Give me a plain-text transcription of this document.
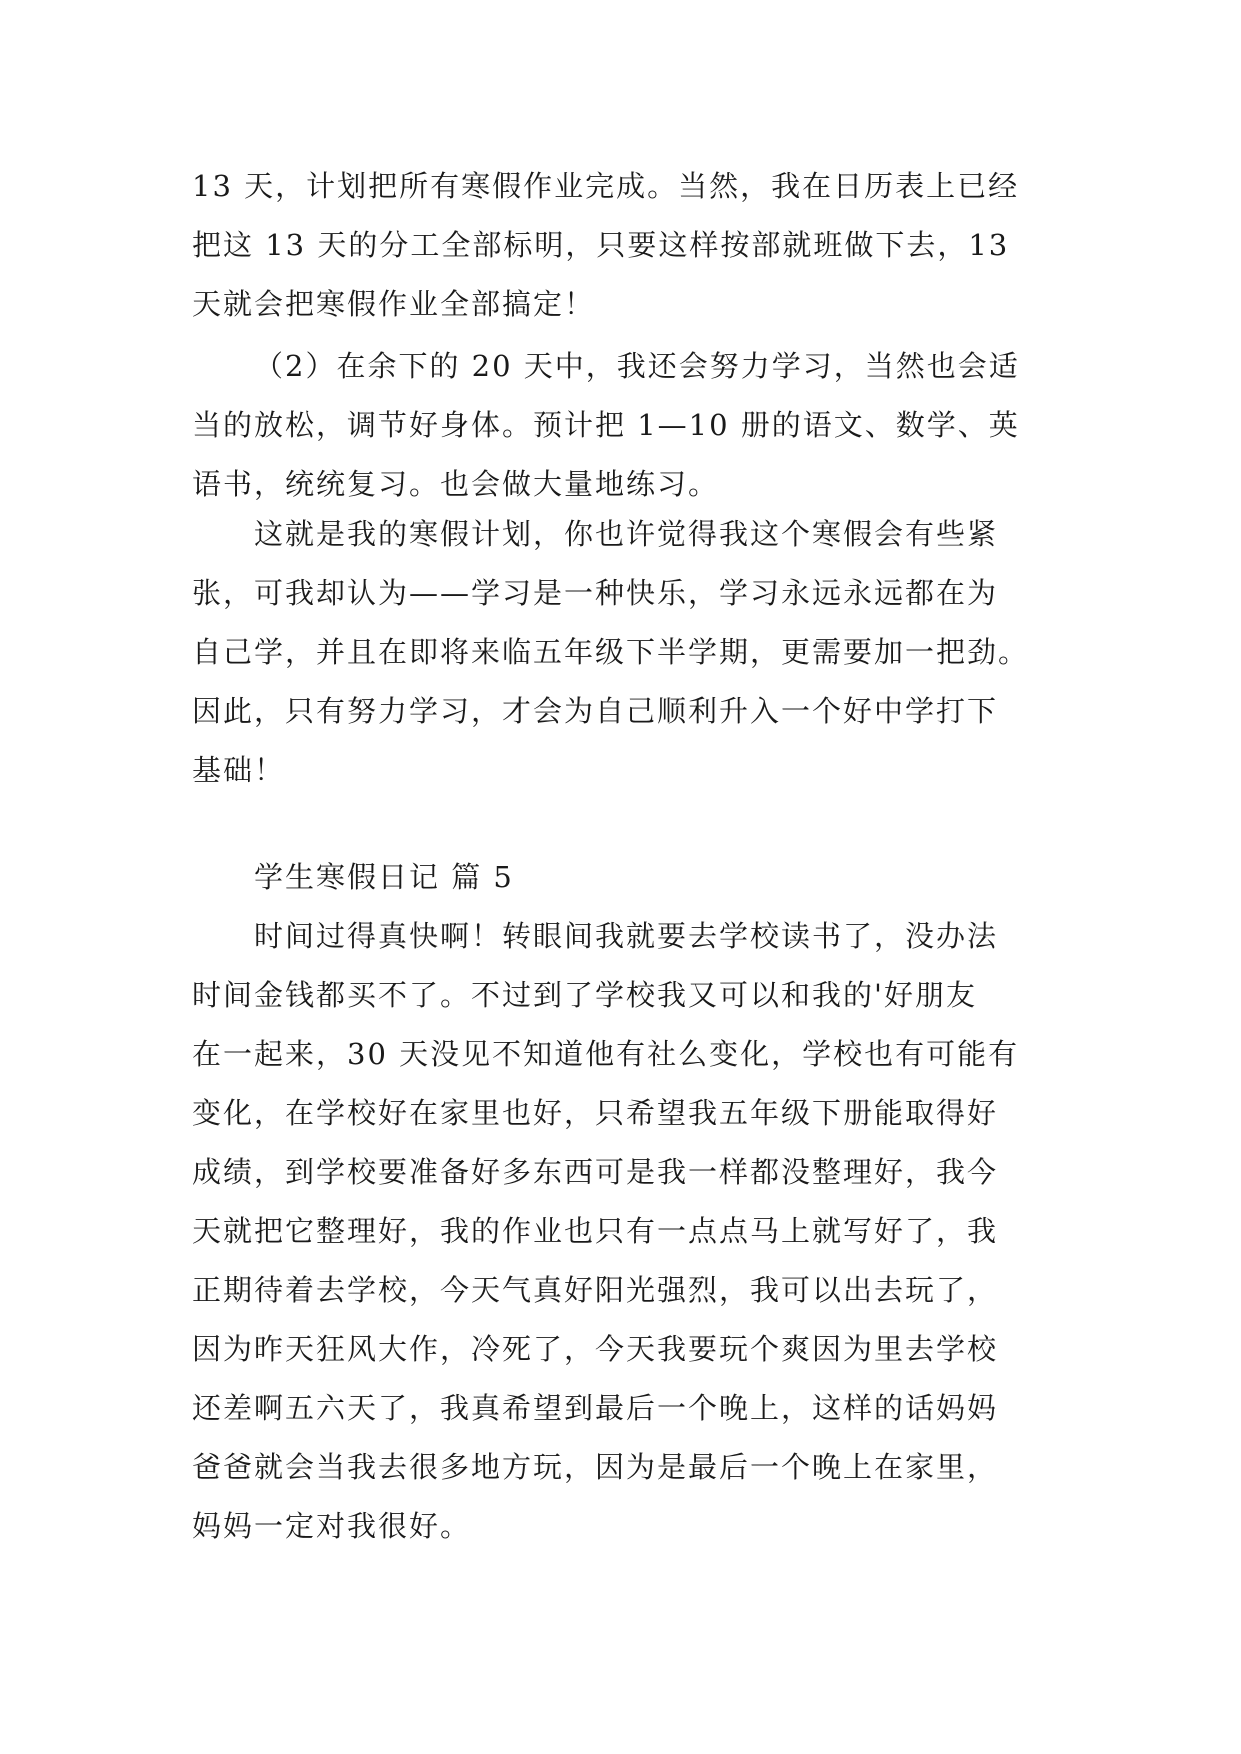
13 天，计划把所有寒假作业完成。当然，我在日历表上已经
把这 13 天的分工全部标明，只要这样按部就班做下去，13
天就会把寒假作业全部搞定！
（2）在余下的 20 天中，我还会努力学习，当然也会适
当的放松，调节好身体。预计把 1—10 册的语文、数学、英
语书，统统复习。也会做大量地练习。
这就是我的寒假计划，你也许觉得我这个寒假会有些紧
张，可我却认为——学习是一种快乐，学习永远永远都在为
自己学，并且在即将来临五年级下半学期，更需要加一把劲。
因此，只有努力学习，才会为自己顺利升入一个好中学打下
基础！
学生寒假日记 篇 5
时间过得真快啊！转眼间我就要去学校读书了，没办法
时间金钱都买不了。不过到了学校我又可以和我的'好朋友
在一起来，30 天没见不知道他有社么变化，学校也有可能有
变化，在学校好在家里也好，只希望我五年级下册能取得好
成绩，到学校要准备好多东西可是我一样都没整理好，我今
天就把它整理好，我的作业也只有一点点马上就写好了，我
正期待着去学校，今天气真好阳光强烈，我可以出去玩了，
因为昨天狂风大作，冷死了，今天我要玩个爽因为里去学校
还差啊五六天了，我真希望到最后一个晚上，这样的话妈妈
爸爸就会当我去很多地方玩，因为是最后一个晚上在家里，
妈妈一定对我很好。
